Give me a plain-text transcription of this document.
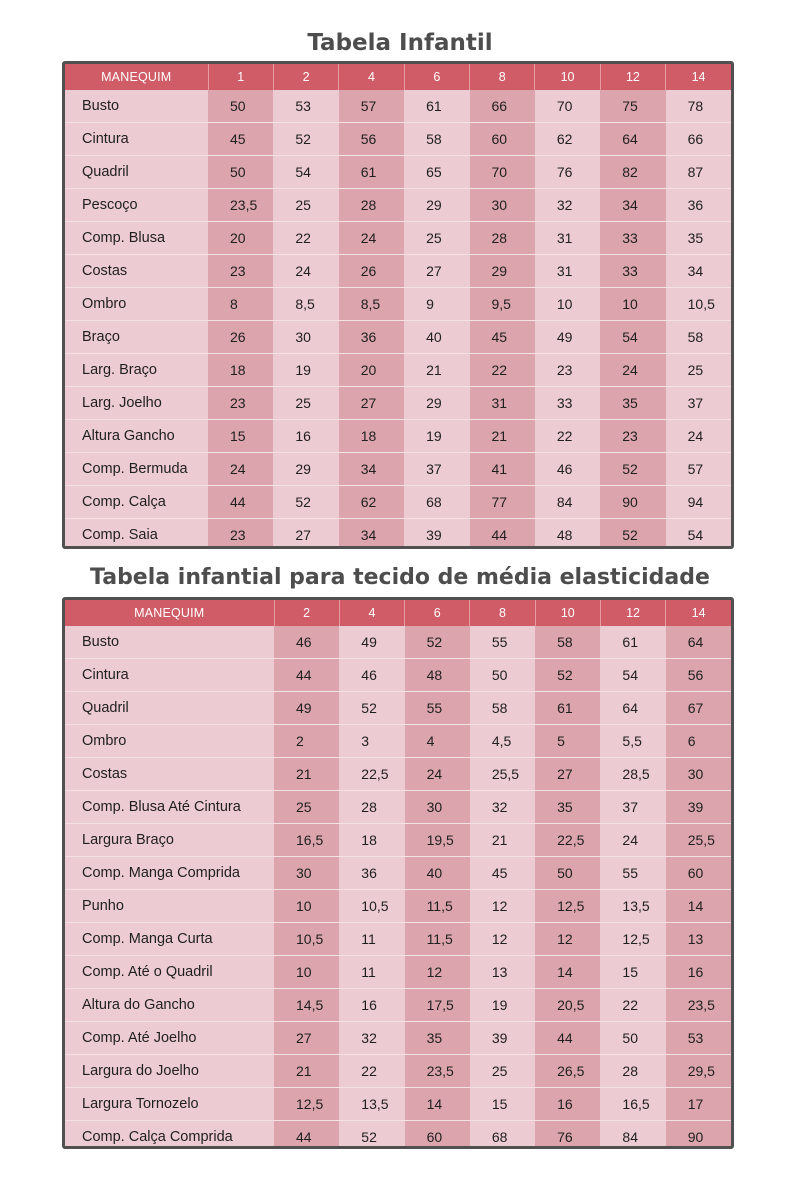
Tabela Infantil
MANEQUIM	1	2	4	6	8	10	12	14
Busto	50	53	57	61	66	70	75	78
Cintura	45	52	56	58	60	62	64	66
Quadril	50	54	61	65	70	76	82	87
Pescoço	23,5	25	28	29	30	32	34	36
Comp. Blusa	20	22	24	25	28	31	33	35
Costas	23	24	26	27	29	31	33	34
Ombro	8	8,5	8,5	9	9,5	10	10	10,5
Braço	26	30	36	40	45	49	54	58
Larg. Braço	18	19	20	21	22	23	24	25
Larg. Joelho	23	25	27	29	31	33	35	37
Altura Gancho	15	16	18	19	21	22	23	24
Comp. Bermuda	24	29	34	37	41	46	52	57
Comp. Calça	44	52	62	68	77	84	90	94
Comp. Saia	23	27	34	39	44	48	52	54
Tabela infantial para tecido de média elasticidade
MANEQUIM	2	4	6	8	10	12	14
Busto	46	49	52	55	58	61	64
Cintura	44	46	48	50	52	54	56
Quadril	49	52	55	58	61	64	67
Ombro	2	3	4	4,5	5	5,5	6
Costas	21	22,5	24	25,5	27	28,5	30
Comp. Blusa Até Cintura	25	28	30	32	35	37	39
Largura Braço	16,5	18	19,5	21	22,5	24	25,5
Comp. Manga Comprida	30	36	40	45	50	55	60
Punho	10	10,5	11,5	12	12,5	13,5	14
Comp. Manga Curta	10,5	11	11,5	12	12	12,5	13
Comp. Até o Quadril	10	11	12	13	14	15	16
Altura do Gancho	14,5	16	17,5	19	20,5	22	23,5
Comp. Até Joelho	27	32	35	39	44	50	53
Largura do Joelho	21	22	23,5	25	26,5	28	29,5
Largura Tornozelo	12,5	13,5	14	15	16	16,5	17
Comp. Calça Comprida	44	52	60	68	76	84	90
